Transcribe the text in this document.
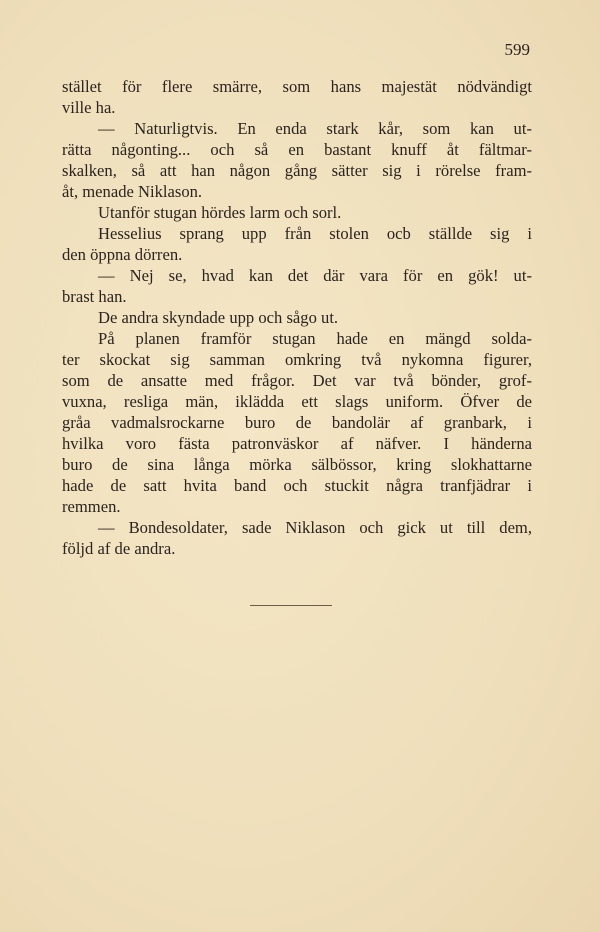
599
stället för flere smärre, som hans majestät nödvändigt
ville ha.
— Naturligtvis. En enda stark kår, som kan ut-
rätta någonting... och så en bastant knuff åt fältmar-
skalken, så att han någon gång sätter sig i rörelse fram-
åt, menade Niklason.
Utanför stugan hördes larm och sorl.
Hesselius sprang upp från stolen ocb ställde sig i
den öppna dörren.
— Nej se, hvad kan det där vara för en gök! ut-
brast han.
De andra skyndade upp och sågo ut.
På planen framför stugan hade en mängd solda-
ter skockat sig samman omkring två nykomna figurer,
som de ansatte med frågor. Det var två bönder, grof-
vuxna, resliga män, iklädda ett slags uniform. Öfver de
gråa vadmalsrockarne buro de bandolär af granbark, i
hvilka voro fästa patronväskor af näfver. I händerna
buro de sina långa mörka sälbössor, kring slokhattarne
hade de satt hvita band och stuckit några tranfjädrar i
remmen.
— Bondesoldater, sade Niklason och gick ut till dem,
följd af de andra.
